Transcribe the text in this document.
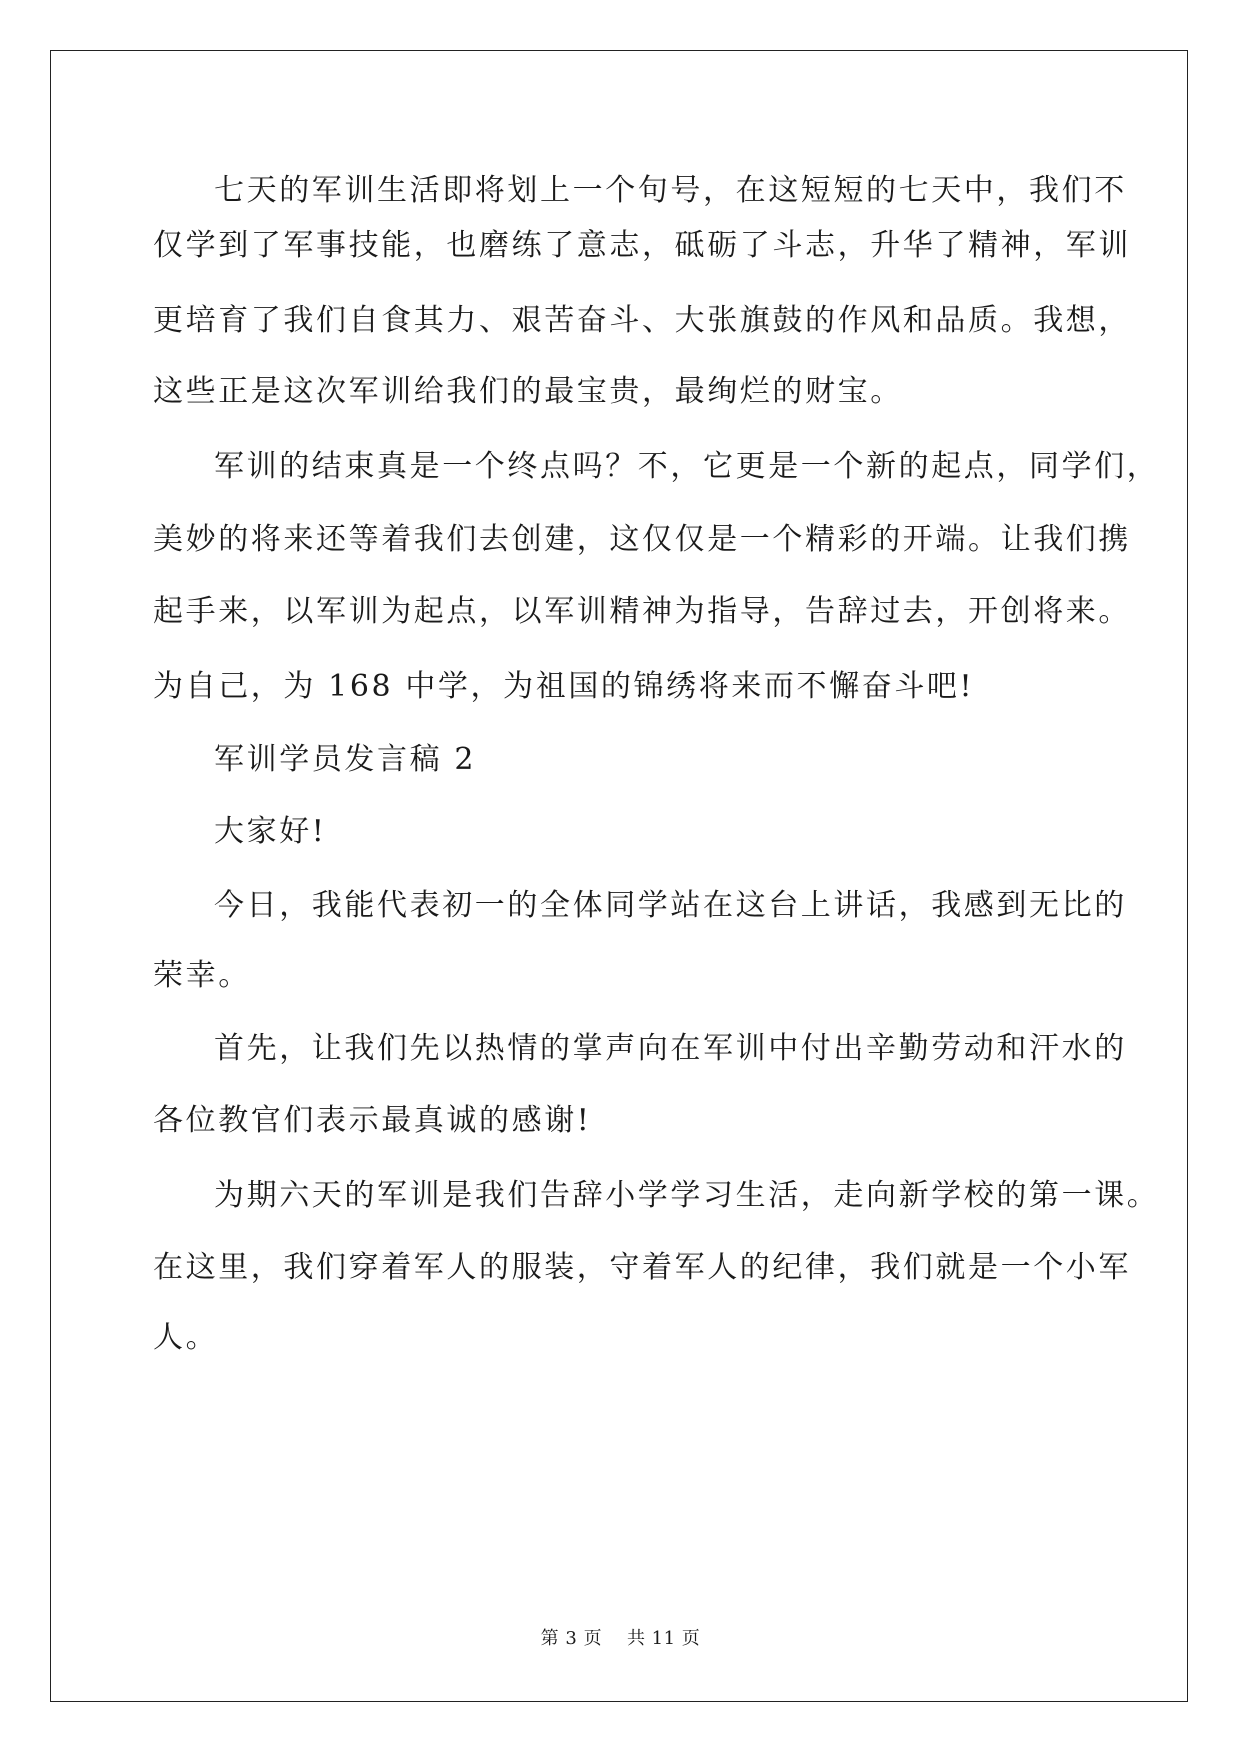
七天的军训生活即将划上一个句号，在这短短的七天中，我们不
仅学到了军事技能，也磨练了意志，砥砺了斗志，升华了精神，军训
更培育了我们自食其力、艰苦奋斗、大张旗鼓的作风和品质。我想，
这些正是这次军训给我们的最宝贵，最绚烂的财宝。
军训的结束真是一个终点吗？不，它更是一个新的起点，同学们，
美妙的将来还等着我们去创建，这仅仅是一个精彩的开端。让我们携
起手来，以军训为起点，以军训精神为指导，告辞过去，开创将来。
为自己，为 168 中学，为祖国的锦绣将来而不懈奋斗吧!
军训学员发言稿 2
大家好!
今日，我能代表初一的全体同学站在这台上讲话，我感到无比的
荣幸。
首先，让我们先以热情的掌声向在军训中付出辛勤劳动和汗水的
各位教官们表示最真诚的感谢!
为期六天的军训是我们告辞小学学习生活，走向新学校的第一课。
在这里，我们穿着军人的服装，守着军人的纪律，我们就是一个小军
人。
第 3 页    共 11 页
